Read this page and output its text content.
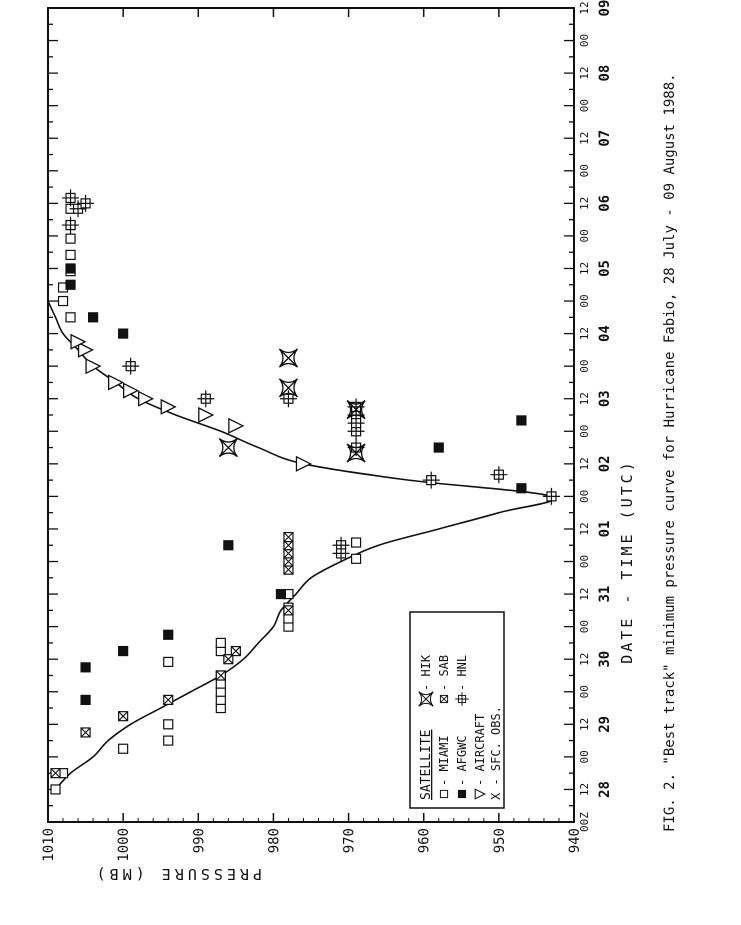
1010	1000	990	980	970	960	950	940
00Z
12
00
12
00
12
00
12
00
12
00
12
00
12
00
12
00
12
00
12
00
12
00
12
00
12
28
29
30
31
01
02
03
04
05
06
07
08
09
DATE - TIME (UTC)
SATELLITE - MIAMI
- SAB
- AFGWC
- HNL
- AIRCRAFT
- HIK
X - SFC. OBS.
PRESSURE (MB)
FIG. 2. "Best track" minimum pressure curve for Hurricane Fabio, 28 July - 09 August 1988.
